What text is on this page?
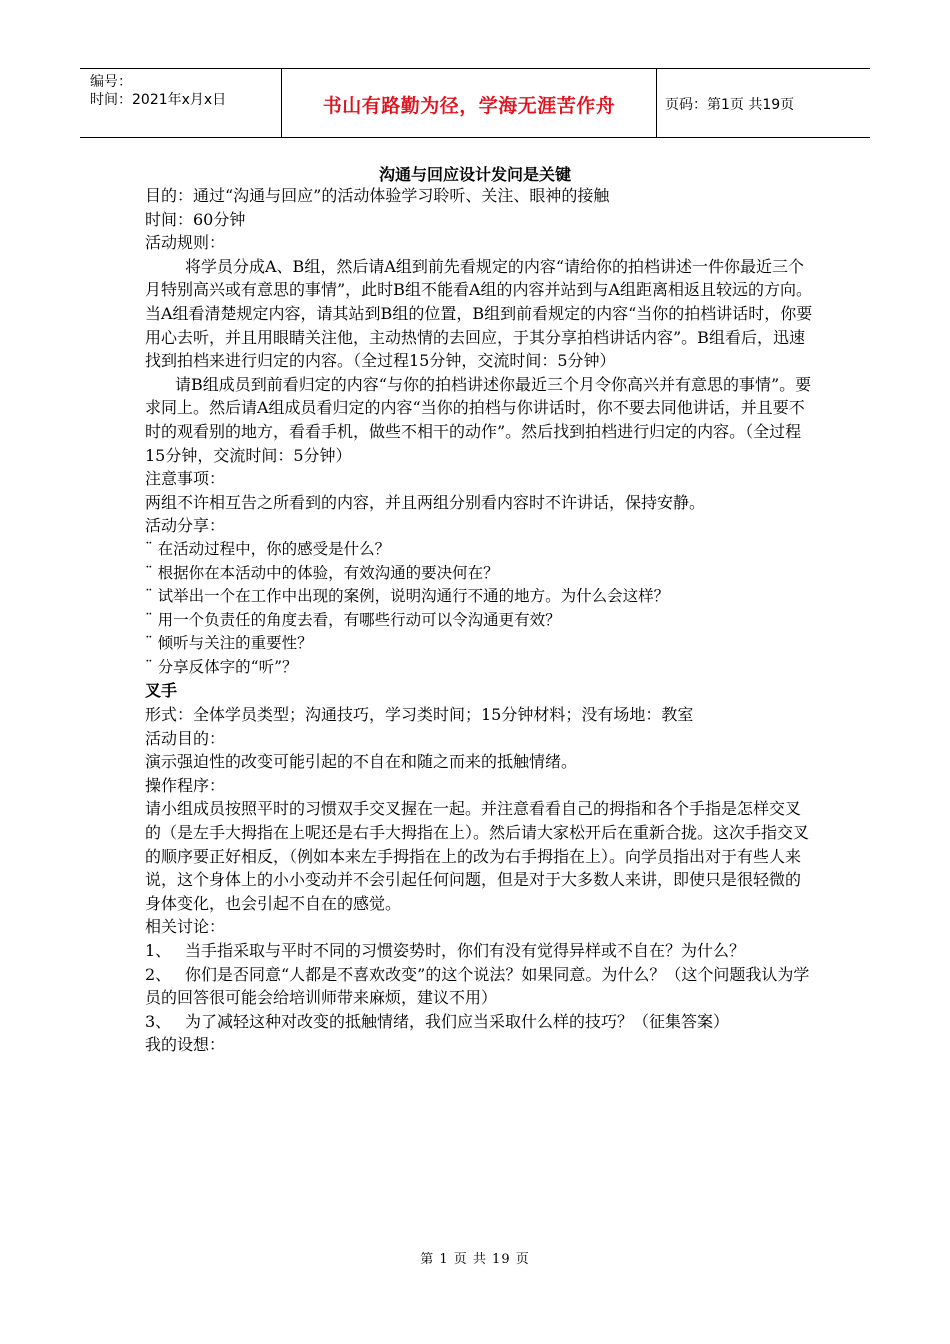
编号：
时间：2021年x月x日	书山有路勤为径，学海无涯苦作舟	页码：第1页 共19页
沟通与回应设计发问是关键

目的：通过“沟通与回应”的活动体验学习聆听、关注、眼神的接触

时间：60分钟

活动规则：

将学员分成A、B组，然后请A组到前先看规定的内容“请给你的拍档讲述一件你最近三个月特别高兴或有意思的事情”，此时B组不能看A组的内容并站到与A组距离相返且较远的方向。当A组看清楚规定内容，请其站到B组的位置，B组到前看规定的内容“当你的拍档讲话时，你要用心去听，并且用眼睛关注他，主动热情的去回应，于其分享拍档讲话内容”。B组看后，迅速找到拍档来进行归定的内容。（全过程15分钟，交流时间：5分钟）

请B组成员到前看归定的内容“与你的拍档讲述你最近三个月令你高兴并有意思的事情”。要求同上。然后请A组成员看归定的内容“当你的拍档与你讲话时，你不要去同他讲话，并且要不时的观看别的地方，看看手机，做些不相干的动作”。然后找到拍档进行归定的内容。（全过程15分钟，交流时间：5分钟）

注意事项：

两组不许相互告之所看到的内容，并且两组分别看内容时不许讲话，保持安静。

活动分享：

¨ 在活动过程中，你的感受是什么？

¨ 根据你在本活动中的体验，有效沟通的要决何在？

¨ 试举出一个在工作中出现的案例，说明沟通行不通的地方。为什么会这样？

¨ 用一个负责任的角度去看，有哪些行动可以令沟通更有效？

¨ 倾听与关注的重要性？

¨ 分享反体字的“听”？

叉手

形式：全体学员类型；沟通技巧，学习类时间；15分钟材料；没有场地：教室

活动目的：

演示强迫性的改变可能引起的不自在和随之而来的抵触情绪。

操作程序：

请小组成员按照平时的习惯双手交叉握在一起。并注意看看自己的拇指和各个手指是怎样交叉的（是左手大拇指在上呢还是右手大拇指在上）。然后请大家松开后在重新合拢。这次手指交叉的顺序要正好相反，（例如本来左手拇指在上的改为右手拇指在上）。向学员指出对于有些人来说，这个身体上的小小变动并不会引起任何问题，但是对于大多数人来讲，即使只是很轻微的身体变化，也会引起不自在的感觉。

相关讨论：

1、 当手指采取与平时不同的习惯姿势时，你们有没有觉得异样或不自在？为什么？

2、 你们是否同意“人都是不喜欢改变”的这个说法？如果同意。为什么？（这个问题我认为学员的回答很可能会给培训师带来麻烦，建议不用）

3、 为了减轻这种对改变的抵触情绪，我们应当采取什么样的技巧？（征集答案）

我的设想：

第 1 页 共 19 页
